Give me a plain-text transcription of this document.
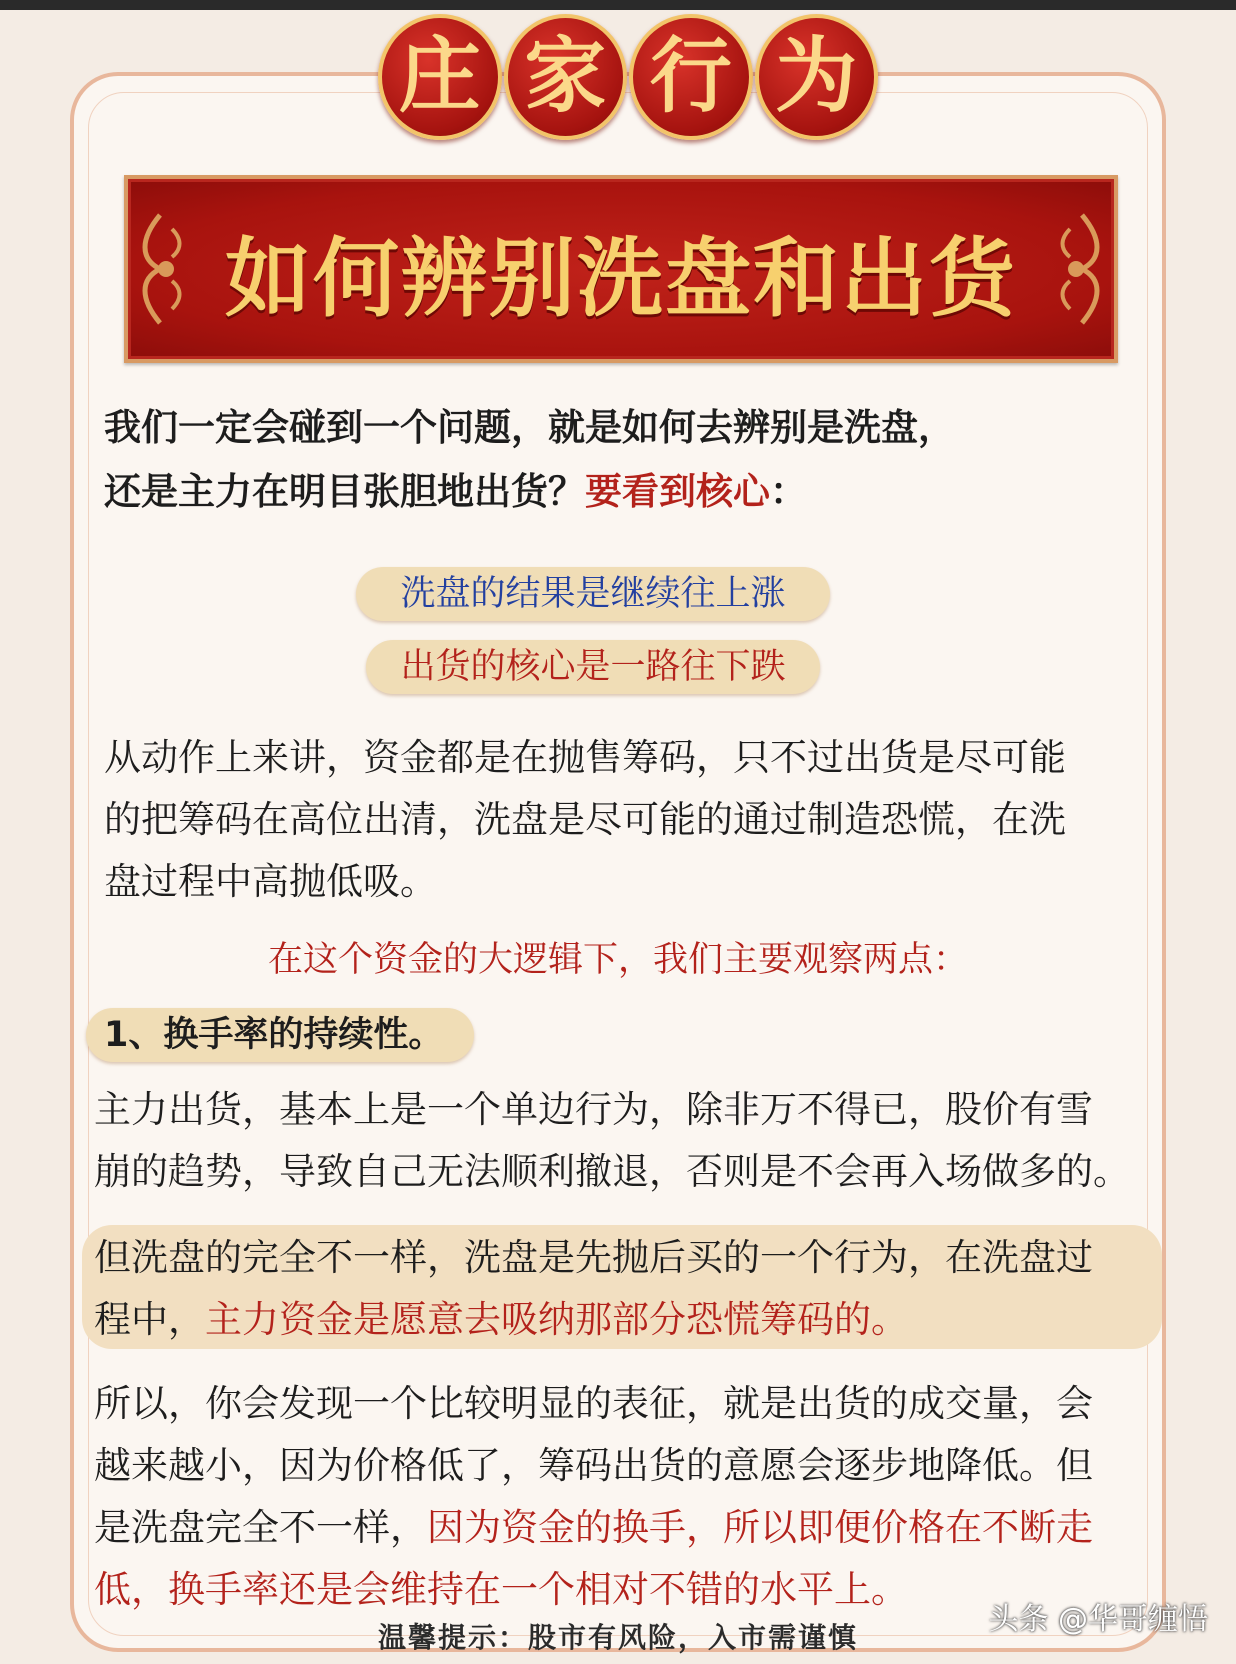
庄 家 行 为
如何辨别洗盘和出货
我们一定会碰到一个问题，就是如何去辨别是洗盘，
还是主力在明目张胆地出货？要看到核心：
洗盘的结果是继续往上涨
出货的核心是一路往下跌
从动作上来讲，资金都是在抛售筹码，只不过出货是尽可能
的把筹码在高位出清，洗盘是尽可能的通过制造恐慌，在洗
盘过程中高抛低吸。
在这个资金的大逻辑下，我们主要观察两点：
1、换手率的持续性。
主力出货，基本上是一个单边行为，除非万不得已，股价有雪
崩的趋势，导致自己无法顺利撤退，否则是不会再入场做多的。
但洗盘的完全不一样，洗盘是先抛后买的一个行为，在洗盘过
程中，主力资金是愿意去吸纳那部分恐慌筹码的。
所以，你会发现一个比较明显的表征，就是出货的成交量，会
越来越小，因为价格低了，筹码出货的意愿会逐步地降低。但
是洗盘完全不一样，因为资金的换手，所以即便价格在不断走
低，换手率还是会维持在一个相对不错的水平上。
温馨提示：股市有风险，入市需谨慎
头条 @华哥缠悟
